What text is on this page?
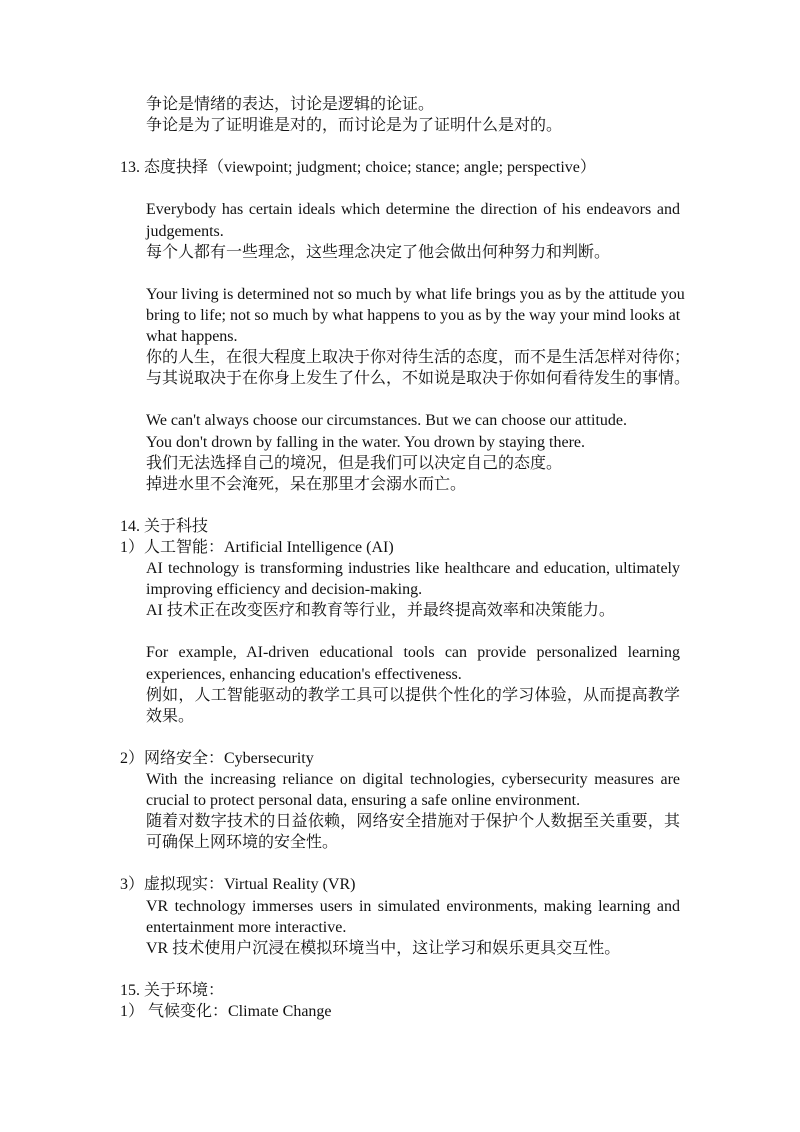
争论是情绪的表达，讨论是逻辑的论证。
争论是为了证明谁是对的，而讨论是为了证明什么是对的。
13. 态度抉择（viewpoint; judgment; choice; stance; angle; perspective）
Everybody has certain ideals which determine the direction of his endeavors and
judgements.
每个人都有一些理念，这些理念决定了他会做出何种努力和判断。
Your living is determined not so much by what life brings you as by the attitude you
bring to life; not so much by what happens to you as by the way your mind looks at
what happens.
你的人生，在很大程度上取决于你对待生活的态度，而不是生活怎样对待你；
与其说取决于在你身上发生了什么，不如说是取决于你如何看待发生的事情。
We can't always choose our circumstances. But we can choose our attitude.
You don't drown by falling in the water. You drown by staying there.
我们无法选择自己的境况，但是我们可以决定自己的态度。
掉进水里不会淹死，呆在那里才会溺水而亡。
14. 关于科技
1）人工智能：Artificial Intelligence (AI)
AI technology is transforming industries like healthcare and education, ultimately
improving efficiency and decision-making.
AI 技术正在改变医疗和教育等行业，并最终提高效率和决策能力。
For example, AI-driven educational tools can provide personalized learning
experiences, enhancing education's effectiveness.
例如，人工智能驱动的教学工具可以提供个性化的学习体验，从而提高教学
效果。
2）网络安全：Cybersecurity
With the increasing reliance on digital technologies, cybersecurity measures are
crucial to protect personal data, ensuring a safe online environment.
随着对数字技术的日益依赖，网络安全措施对于保护个人数据至关重要，其
可确保上网环境的安全性。
3）虚拟现实：Virtual Reality (VR)
VR technology immerses users in simulated environments, making learning and
entertainment more interactive.
VR 技术使用户沉浸在模拟环境当中，这让学习和娱乐更具交互性。
15. 关于环境：
1） 气候变化：Climate Change
